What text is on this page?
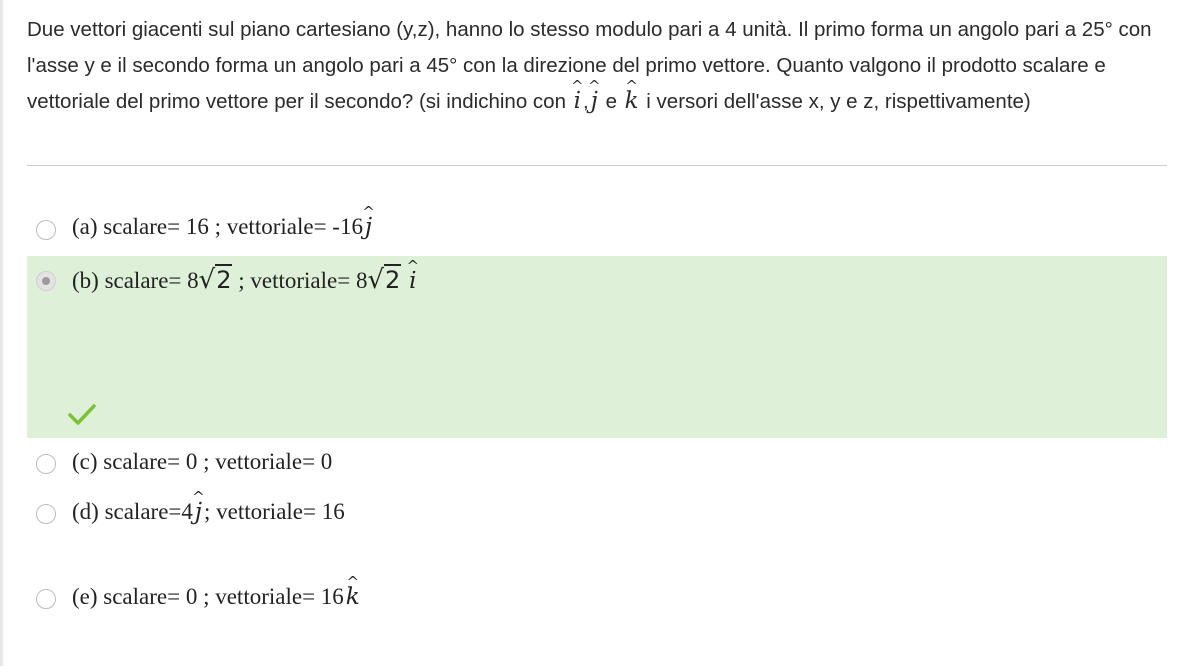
Due vettori giacenti sul piano cartesiano (y,z), hanno lo stesso modulo pari a 4 unità. Il primo forma un angolo pari a 25° con l'asse y e il secondo forma un angolo pari a 45° con la direzione del primo vettore. Quanto valgono il prodotto scalare e vettoriale del primo vettore per il secondo? (si indichino con ^ i,^ j e ^ k i versori dell'asse x, y e z, rispettivamente)
(a) scalare= 16 ; vettoriale= -16^ j
(b) scalare= 8√2 ; vettoriale= 8√2 ^ i
(c) scalare= 0 ; vettoriale= 0
(d) scalare=4^ j; vettoriale= 16
(e) scalare= 0 ; vettoriale= 16^ k
